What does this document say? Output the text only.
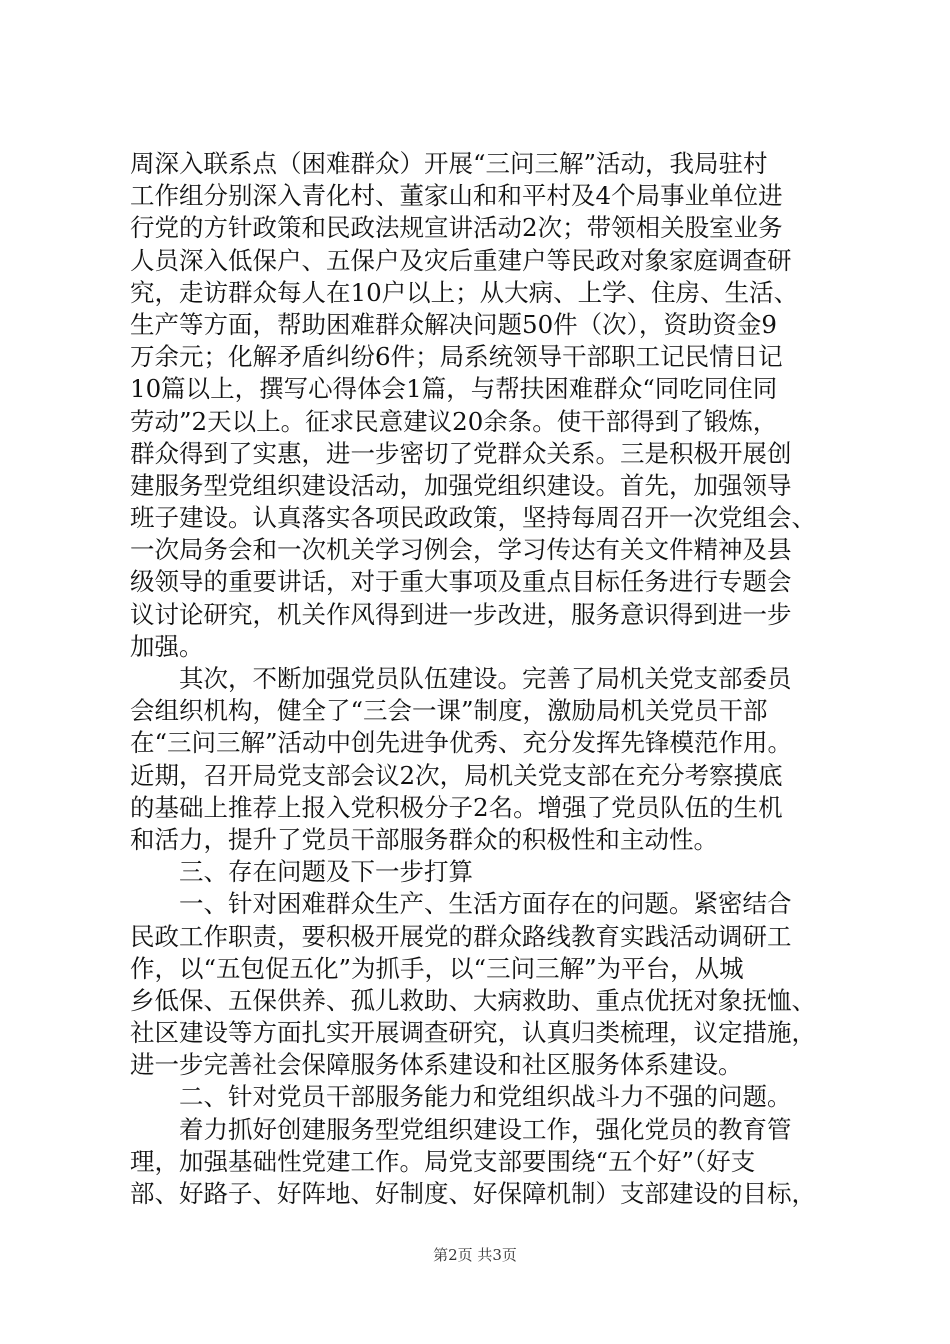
周深入联系点（困难群众）开展“三问三解”活动，我局驻村
工作组分别深入青化村、董家山和和平村及4个局事业单位进
行党的方针政策和民政法规宣讲活动2次；带领相关股室业务
人员深入低保户、五保户及灾后重建户等民政对象家庭调查研
究，走访群众每人在10户以上；从大病、上学、住房、生活、
生产等方面，帮助困难群众解决问题50件（次），资助资金9
万余元；化解矛盾纠纷6件；局系统领导干部职工记民情日记
10篇以上，撰写心得体会1篇，与帮扶困难群众“同吃同住同
劳动”2天以上。征求民意建议20余条。使干部得到了锻炼，
群众得到了实惠，进一步密切了党群众关系。三是积极开展创
建服务型党组织建设活动，加强党组织建设。首先，加强领导
班子建设。认真落实各项民政政策，坚持每周召开一次党组会、
一次局务会和一次机关学习例会，学习传达有关文件精神及县
级领导的重要讲话，对于重大事项及重点目标任务进行专题会
议讨论研究，机关作风得到进一步改进，服务意识得到进一步
加强。
其次，不断加强党员队伍建设。完善了局机关党支部委员
会组织机构，健全了“三会一课”制度，激励局机关党员干部
在“三问三解”活动中创先进争优秀、充分发挥先锋模范作用。
近期，召开局党支部会议2次，局机关党支部在充分考察摸底
的基础上推荐上报入党积极分子2名。增强了党员队伍的生机
和活力，提升了党员干部服务群众的积极性和主动性。
三、存在问题及下一步打算
一、针对困难群众生产、生活方面存在的问题。紧密结合
民政工作职责，要积极开展党的群众路线教育实践活动调研工
作，以“五包促五化”为抓手，以“三问三解”为平台，从城
乡低保、五保供养、孤儿救助、大病救助、重点优抚对象抚恤、
社区建设等方面扎实开展调查研究，认真归类梳理，议定措施，
进一步完善社会保障服务体系建设和社区服务体系建设。
二、针对党员干部服务能力和党组织战斗力不强的问题。
着力抓好创建服务型党组织建设工作，强化党员的教育管
理，加强基础性党建工作。局党支部要围绕“五个好”（好支
部、好路子、好阵地、好制度、好保障机制）支部建设的目标，
第2页 共3页
